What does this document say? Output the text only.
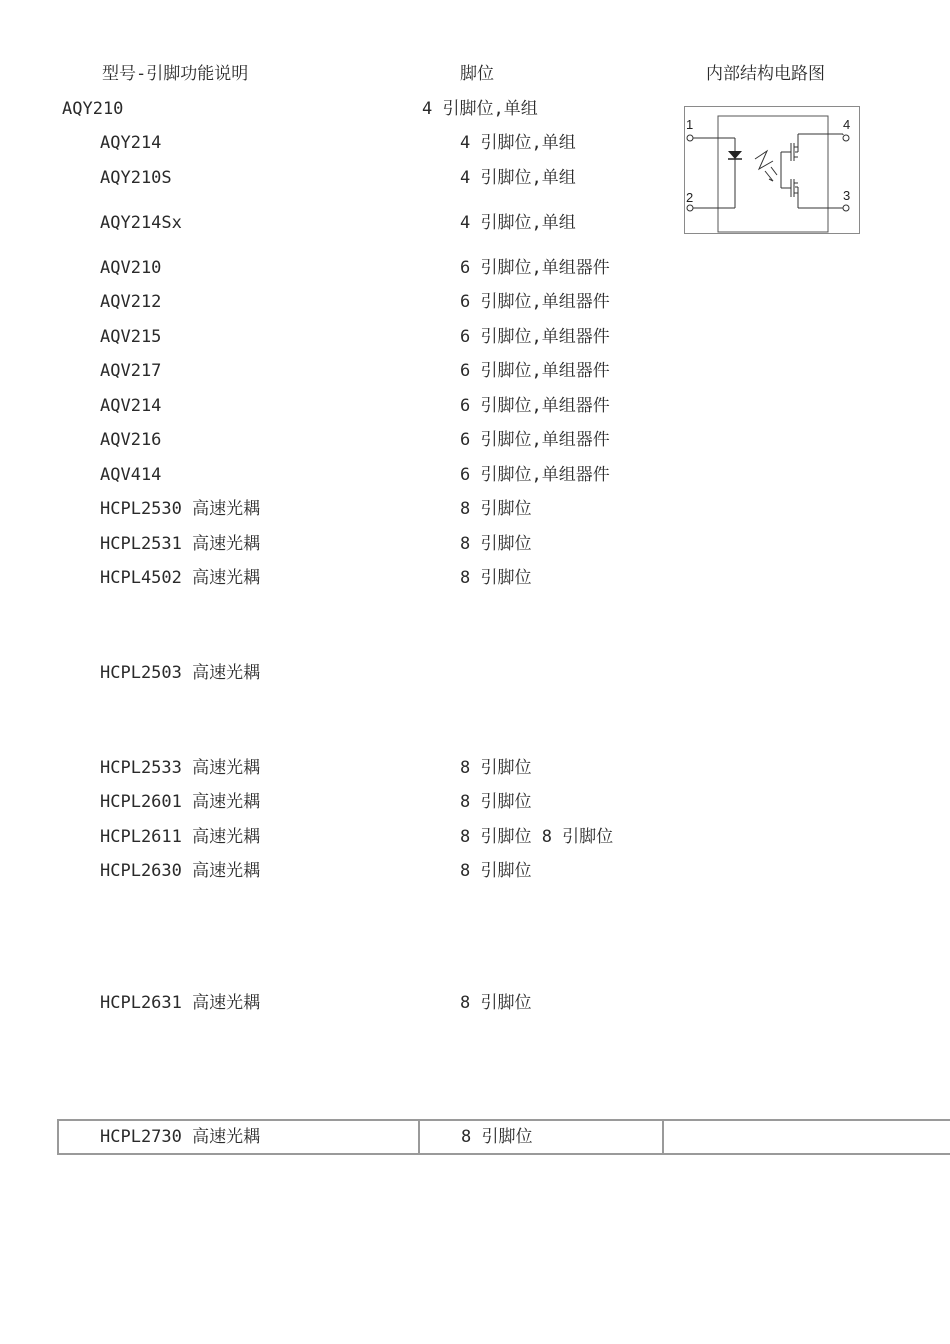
型号-引脚功能说明	脚位	内部结构电路图
AQY210	4 引脚位,单组
AQY214	4 引脚位,单组
AQY210S	4 引脚位,单组
AQY214Sx	4 引脚位,单组
AQV210	6 引脚位,单组器件
AQV212	6 引脚位,单组器件
AQV215	6 引脚位,单组器件
AQV217	6 引脚位,单组器件
AQV214	6 引脚位,单组器件
AQV216	6 引脚位,单组器件
AQV414	6 引脚位,单组器件
HCPL2530 高速光耦	8 引脚位
HCPL2531 高速光耦	8 引脚位
HCPL4502 高速光耦	8 引脚位
HCPL2503 高速光耦
HCPL2533 高速光耦	8 引脚位
HCPL2601 高速光耦	8 引脚位
HCPL2611 高速光耦	8 引脚位 8 引脚位
HCPL2630 高速光耦	8 引脚位
HCPL2631 高速光耦	8 引脚位
1
2	3
4
HCPL2730 高速光耦	8 引脚位
